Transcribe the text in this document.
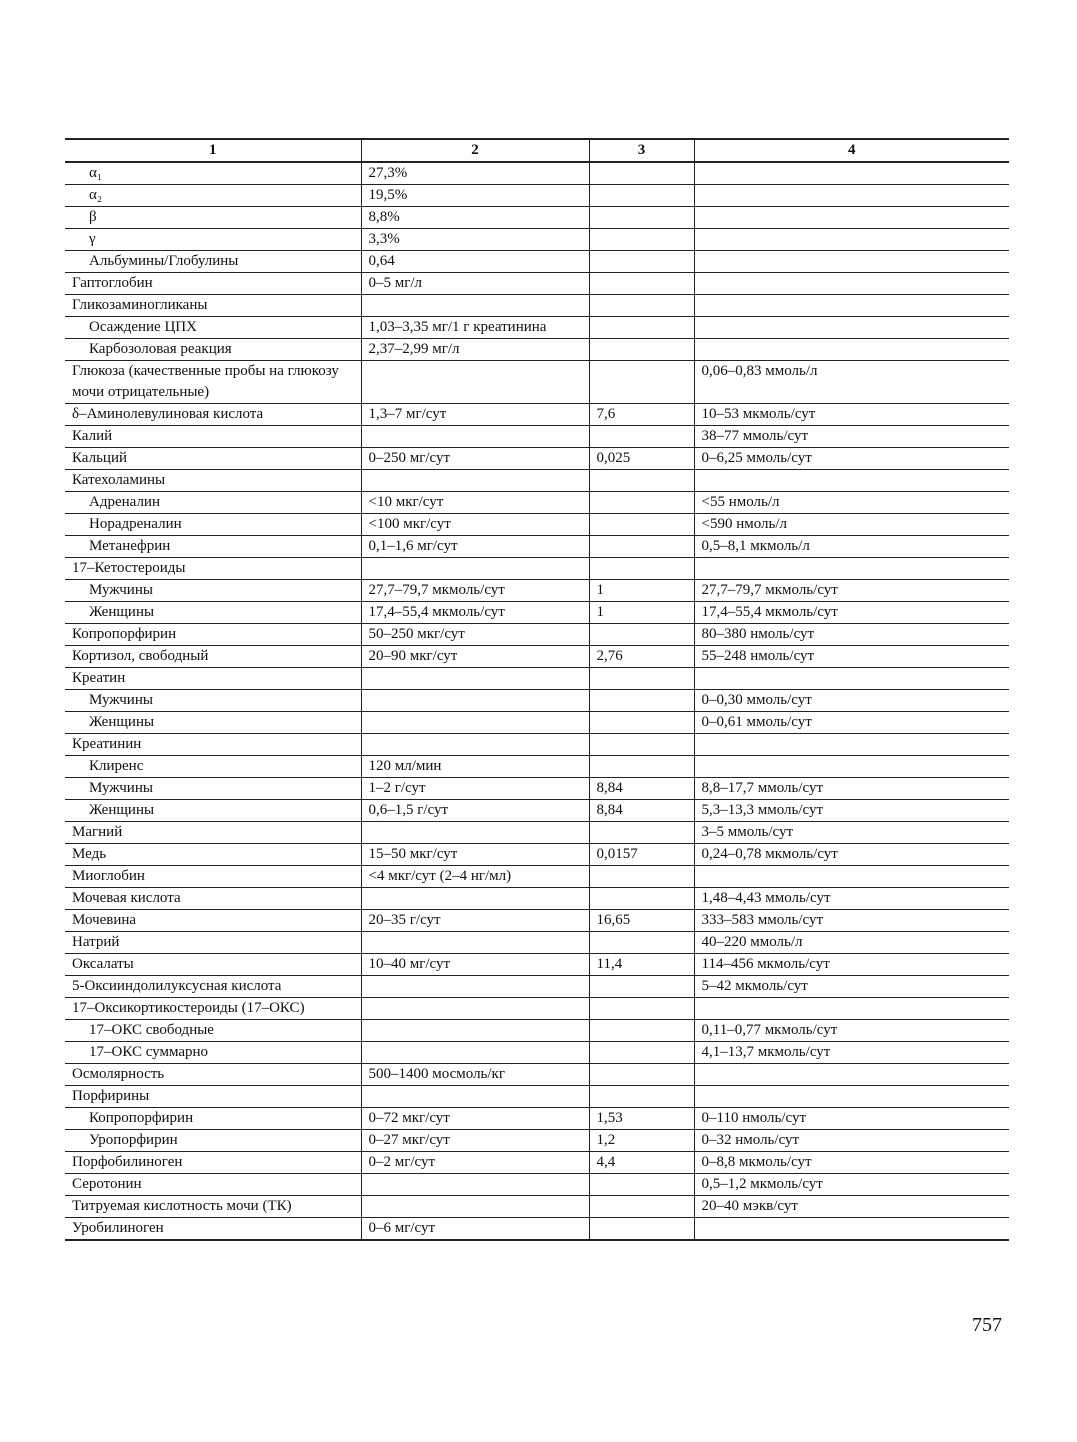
1	2	3	4
α₁	27,3%		
α₂	19,5%		
β	8,8%		
γ	3,3%		
Альбумины/Глобулины	0,64		
Гаптоглобин	0–5 мг/л		
Гликозаминогликаны			
Осаждение ЦПХ	1,03–3,35 мг/1 г креатинина		
Карбозоловая реакция	2,37–2,99 мг/л		
Глюкоза (качественные пробы на глюкозу мочи отрицательные)			0,06–0,83 ммоль/л
δ–Аминолевулиновая кислота	1,3–7 мг/сут	7,6	10–53 мкмоль/сут
Калий			38–77 ммоль/сут
Кальций	0–250 мг/сут	0,025	0–6,25 ммоль/сут
Катехоламины			
Адреналин	<10 мкг/сут		<55 нмоль/л
Норадреналин	<100 мкг/сут		<590 нмоль/л
Метанефрин	0,1–1,6 мг/сут		0,5–8,1 мкмоль/л
17–Кетостероиды			
Мужчины	27,7–79,7 мкмоль/сут	1	27,7–79,7 мкмоль/сут
Женщины	17,4–55,4 мкмоль/сут	1	17,4–55,4 мкмоль/сут
Копропорфирин	50–250 мкг/сут		80–380 нмоль/сут
Кортизол, свободный	20–90 мкг/сут	2,76	55–248 нмоль/сут
Креатин			
Мужчины			0–0,30 ммоль/сут
Женщины			0–0,61 ммоль/сут
Креатинин			
Клиренс	120 мл/мин		
Мужчины	1–2 г/сут	8,84	8,8–17,7 ммоль/сут
Женщины	0,6–1,5 г/сут	8,84	5,3–13,3 ммоль/сут
Магний			3–5 ммоль/сут
Медь	15–50 мкг/сут	0,0157	0,24–0,78 мкмоль/сут
Миоглобин	<4 мкг/сут (2–4 нг/мл)		
Мочевая кислота			1,48–4,43 ммоль/сут
Мочевина	20–35 г/сут	16,65	333–583 ммоль/сут
Натрий			40–220 ммоль/л
Оксалаты	10–40 мг/сут	11,4	114–456 мкмоль/сут
5-Оксииндолилуксусная кислота			5–42 мкмоль/сут
17–Оксикортикостероиды (17–ОКС)			
17–ОКС свободные			0,11–0,77 мкмоль/сут
17–ОКС суммарно			4,1–13,7 мкмоль/сут
Осмолярность	500–1400 мосмоль/кг		
Порфирины			
Копропорфирин	0–72 мкг/сут	1,53	0–110 нмоль/сут
Уропорфирин	0–27 мкг/сут	1,2	0–32 нмоль/сут
Порфобилиноген	0–2 мг/сут	4,4	0–8,8 мкмоль/сут
Серотонин			0,5–1,2 мкмоль/сут
Титруемая кислотность мочи (ТК)			20–40 мэкв/сут
Уробилиноген	0–6 мг/сут		
757
